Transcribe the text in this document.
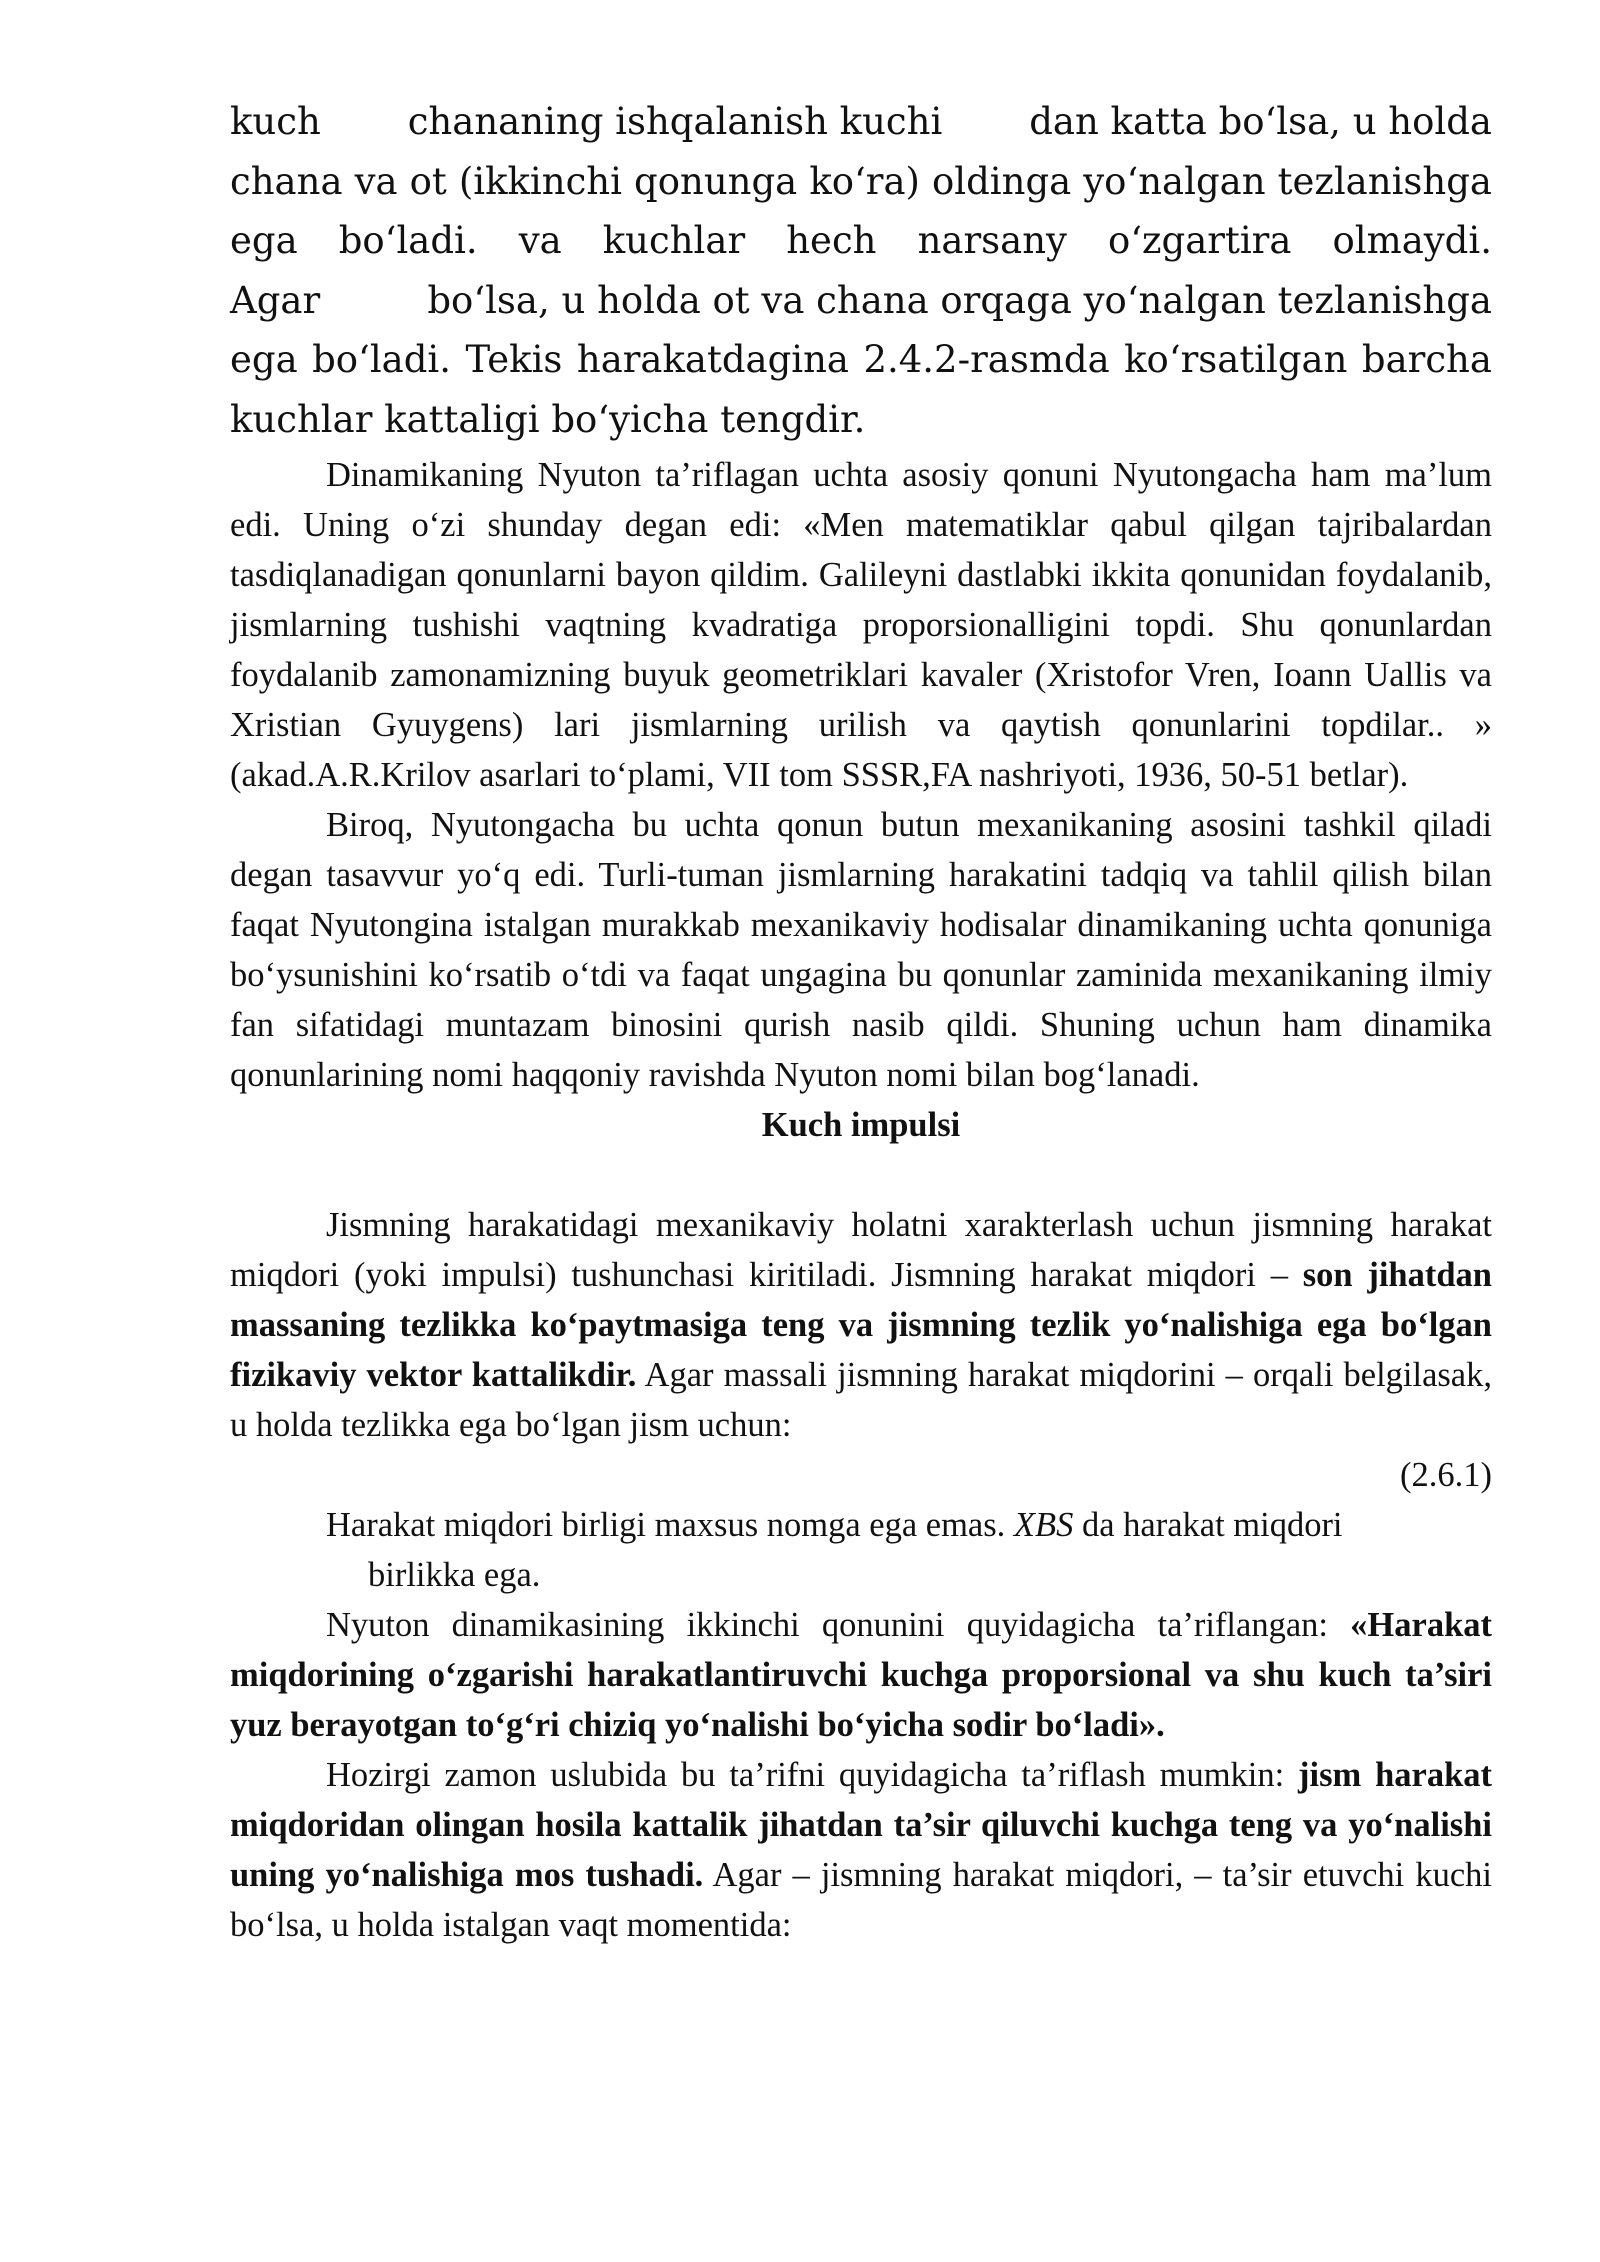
kuch chananing ishqalanish kuchi dan katta bo‘lsa, u holda
chana va ot (ikkinchi qonunga ko‘ra) oldinga yo‘nalgan tezlanishga
ega bo‘ladi. va kuchlar hech narsany o‘zgartira olmaydi.
Agar	bo‘lsa, u holda ot va chana orqaga yo‘nalgan tezlanishga
ega bo‘ladi. Tekis harakatdagina 2.4.2-rasmda ko‘rsatilgan barcha
kuchlar kattaligi bo‘yicha tengdir.

Dinamikaning Nyuton ta’riflagan uchta asosiy qonuni Nyutongacha ham ma’lum edi. Uning o‘zi shunday degan edi: «Men matematiklar qabul qilgan tajribalardan tasdiqlanadigan qonunlarni bayon qildim. Galileyni dastlabki ikkita qonunidan foydalanib, jismlarning tushishi vaqtning kvadratiga proporsionalligini topdi. Shu qonunlardan foydalanib zamonamizning buyuk geometriklari kavaler (Xristofor Vren, Ioann Uallis va Xristian Gyuygens) lari jismlarning urilish va qaytish qonunlarini topdilar.. » (akad.A.R.Krilov asarlari to‘plami, VII tom SSSR,FA nashriyoti, 1936, 50-51 betlar).

Biroq, Nyutongacha bu uchta qonun butun mexanikaning asosini tashkil qiladi degan tasavvur yo‘q edi. Turli-tuman jismlarning harakatini tadqiq va tahlil qilish bilan faqat Nyutongina istalgan murakkab mexanikaviy hodisalar dinamikaning uchta qonuniga bo‘ysunishini ko‘rsatib o‘tdi va faqat ungagina bu qonunlar zaminida mexanikaning ilmiy fan sifatidagi muntazam binosini qurish nasib qildi. Shuning uchun ham dinamika qonunlarining nomi haqqoniy ravishda Nyuton nomi bilan bog‘lanadi.

Kuch impulsi

Jismning harakatidagi mexanikaviy holatni xarakterlash uchun jismning harakat miqdori (yoki impulsi) tushunchasi kiritiladi. Jismning harakat miqdori – son jihatdan massaning tezlikka ko‘paytmasiga teng va jismning tezlik yo‘nalishiga ega bo‘lgan fizikaviy vektor kattalikdir. Agar massali jismning harakat miqdorini – orqali belgilasak, u holda tezlikka ega bo‘lgan jism uchun:

(2.6.1)

Harakat miqdori birligi maxsus nomga ega emas. XBS da harakat miqdori

birlikka ega.

Nyuton dinamikasining ikkinchi qonunini quyidagicha ta’riflangan: «Harakat miqdorining o‘zgarishi harakatlantiruvchi kuchga proporsional va shu kuch ta’siri yuz berayotgan to‘g‘ri chiziq yo‘nalishi bo‘yicha sodir bo‘ladi».

Hozirgi zamon uslubida bu ta’rifni quyidagicha ta’riflash mumkin: jism harakat miqdoridan olingan hosila kattalik jihatdan ta’sir qiluvchi kuchga teng va yo‘nalishi uning yo‘nalishiga mos tushadi. Agar – jismning harakat miqdori, – ta’sir etuvchi kuchi bo‘lsa, u holda istalgan vaqt momentida:
